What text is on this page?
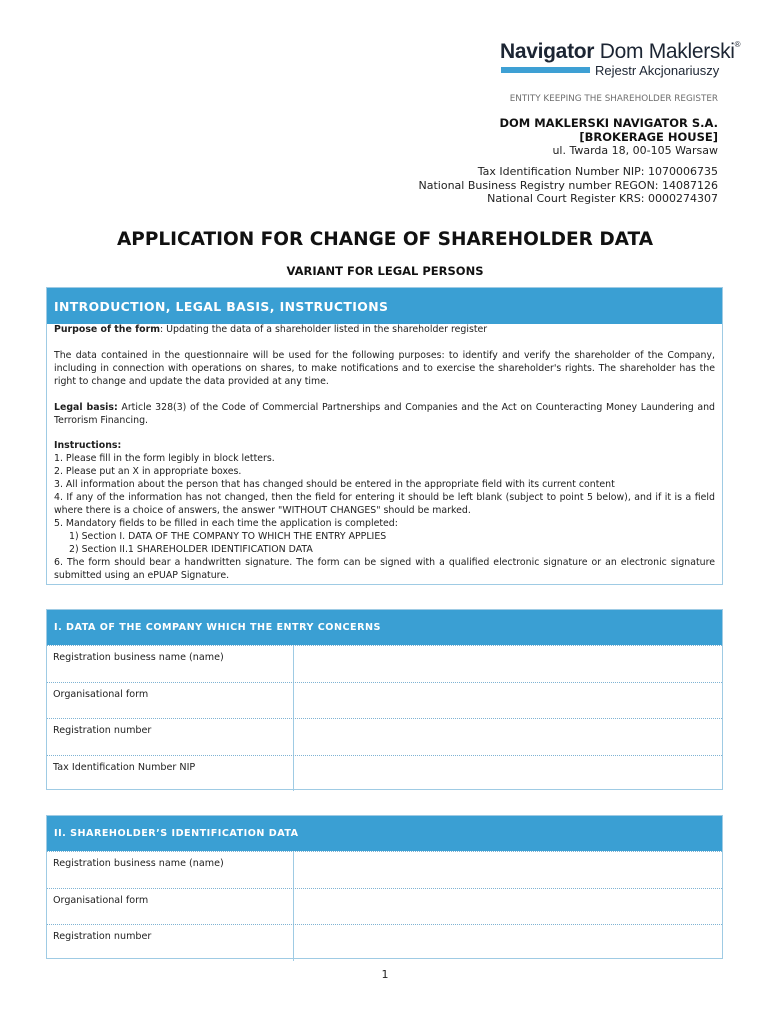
Navigator Dom Maklerski®
Rejestr Akcjonariuszy
ENTITY KEEPING THE SHAREHOLDER REGISTER
DOM MAKLERSKI NAVIGATOR S.A.
[BROKERAGE HOUSE]
ul. Twarda 18, 00-105 Warsaw
Tax Identification Number NIP: 1070006735
National Business Registry number REGON: 14087126
National Court Register KRS: 0000274307
APPLICATION FOR CHANGE OF SHAREHOLDER DATA
VARIANT FOR LEGAL PERSONS
INTRODUCTION, LEGAL BASIS, INSTRUCTIONS

Purpose of the form: Updating the data of a shareholder listed in the shareholder register

The data contained in the questionnaire will be used for the following purposes: to identify and verify the shareholder of the Company, including in connection with operations on shares, to make notifications and to exercise the shareholder's rights. The shareholder has the right to change and update the data provided at any time.

Legal basis: Article 328(3) of the Code of Commercial Partnerships and Companies and the Act on Counteracting Money Laundering and Terrorism Financing.

Instructions:

1. Please fill in the form legibly in block letters.

2. Please put an X in appropriate boxes.

3. All information about the person that has changed should be entered in the appropriate field with its current content

4. If any of the information has not changed, then the field for entering it should be left blank (subject to point 5 below), and if it is a field where there is a choice of answers, the answer "WITHOUT CHANGES" should be marked.

5. Mandatory fields to be filled in each time the application is completed:

1) Section I. DATA OF THE COMPANY TO WHICH THE ENTRY APPLIES

2) Section II.1 SHAREHOLDER IDENTIFICATION DATA

6. The form should bear a handwritten signature. The form can be signed with a qualified electronic signature or an electronic signature submitted using an ePUAP Signature.

I. DATA OF THE COMPANY WHICH THE ENTRY CONCERNS
Registration business name (name)
Organisational form
Registration number
Tax Identification Number NIP
II. SHAREHOLDER’S IDENTIFICATION DATA
Registration business name (name)
Organisational form
Registration number
1
